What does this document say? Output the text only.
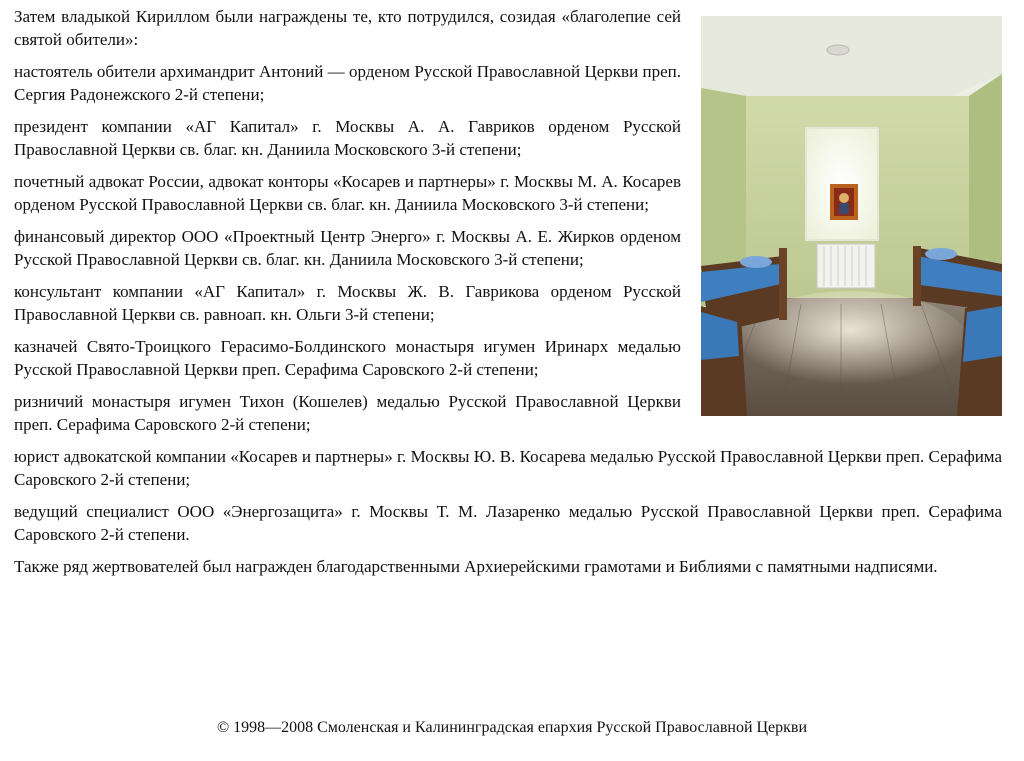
Затем владыкой Кириллом были награждены те, кто потрудился, созидая «благолепие сей святой обители»:

настоятель обители архимандрит Антоний — орденом Русской Православной Церкви преп. Сергия Радонежского 2-й степени;

президент компании «АГ Капитал» г. Москвы А. А. Гавриков орденом Русской Православной Церкви св. благ. кн. Даниила Московского 3-й степени;

почетный адвокат России, адвокат конторы «Косарев и партнеры» г. Москвы М. А. Косарев орденом Русской Православной Церкви св. благ. кн. Даниила Московского 3-й степени;

финансовый директор ООО «Проектный Центр Энерго» г. Москвы А. Е. Жирков орденом Русской Православной Церкви св. благ. кн. Даниила Московского 3-й степени;

консультант компании «АГ Капитал» г. Москвы Ж. В. Гаврикова орденом Русской Православной Церкви св. равноап. кн. Ольги 3-й степени;

казначей Свято-Троицкого Герасимо-Болдинского монастыря игумен Иринарх медалью Русской Православной Церкви преп. Серафима Саровского 2-й степени;

ризничий монастыря игумен Тихон (Кошелев) медалью Русской Православной Церкви преп. Серафима Саровского 2-й степени;

юрист адвокатской компании «Косарев и партнеры» г. Москвы Ю. В. Косарева медалью Русской Православной Церкви преп. Серафима Саровского 2-й степени;

ведущий специалист ООО «Энергозащита» г. Москвы Т. М. Лазаренко медалью Русской Православной Церкви преп. Серафима Саровского 2-й степени.

Также ряд жертвователей был награжден благодарственными Архиерейскими грамотами и Библиями с памятными надписями.

© 1998—2008 Смоленская и Калининградская епархия Русской Православной Церкви
